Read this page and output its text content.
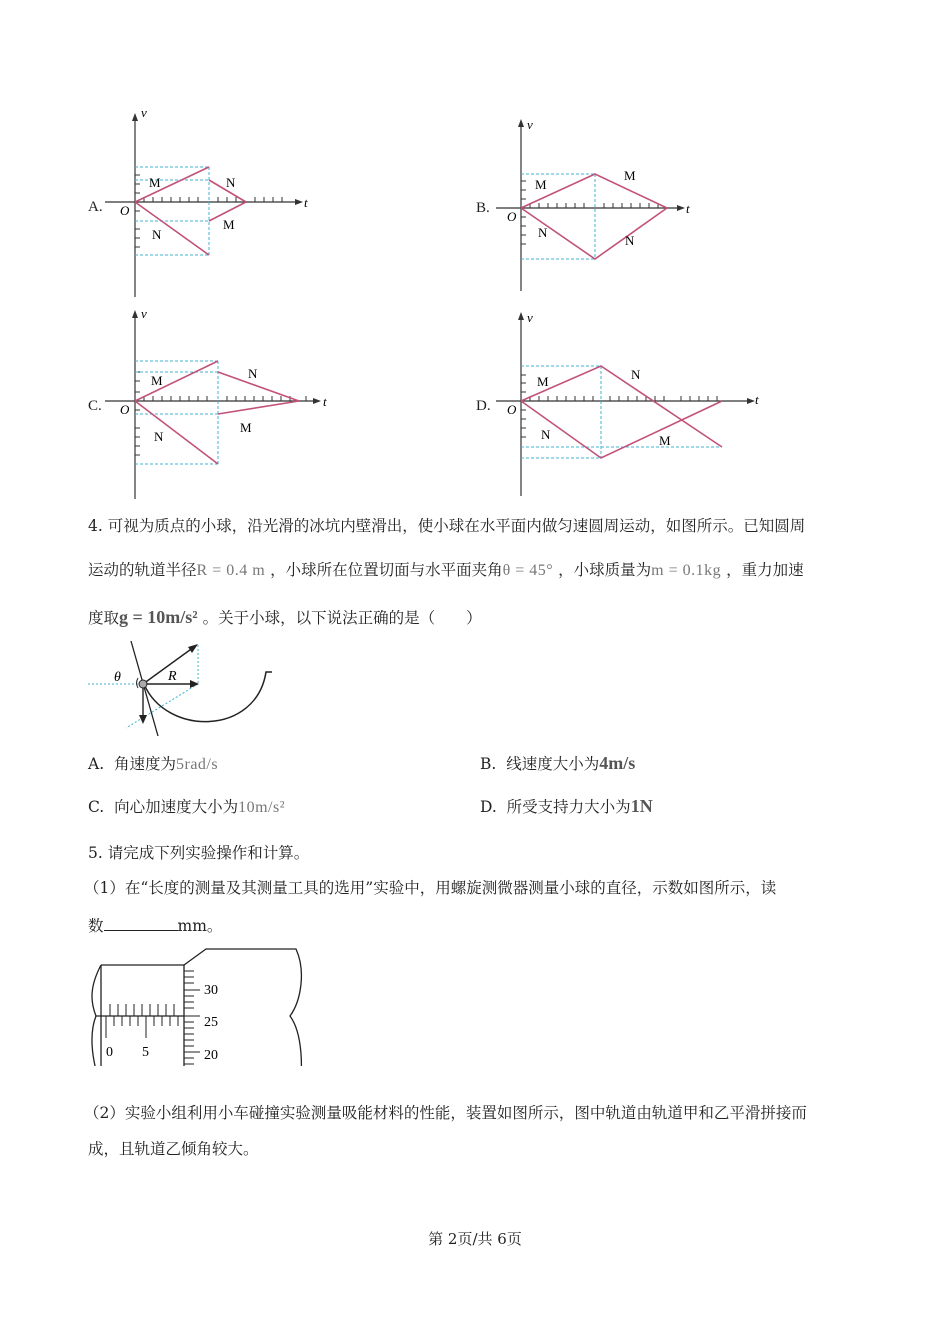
A.
v
t
O
M	N
N
M
B.
v
t
O
M
M
N
N
C.
v
t
O
M	N
N
M
D.
v
t
O
M	N
N	M
4. 可视为质点的小球，沿光滑的冰坑内壁滑出，使小球在水平面内做匀速圆周运动，如图所示。已知圆周
运动的轨道半径R = 0.4 m ，小球所在位置切面与水平面夹角θ = 45° ，小球质量为m = 0.1kg ，重力加速
度取g = 10m/s² 。关于小球，以下说法正确的是（　　）
θ	R
A. 角速度为5rad/s	B. 线速度大小为4m/s
C. 向心加速度大小为10m/s²	D. 所受支持力大小为1N
5. 请完成下列实验操作和计算。
（1）在“长度的测量及其测量工具的选用”实验中，用螺旋测微器测量小球的直径，示数如图所示，读
数	mm。
0 5
30
25
20
（2）实验小组利用小车碰撞实验测量吸能材料的性能，装置如图所示，图中轨道由轨道甲和乙平滑拼接而
成，且轨道乙倾角较大。
第 2页/共 6页
